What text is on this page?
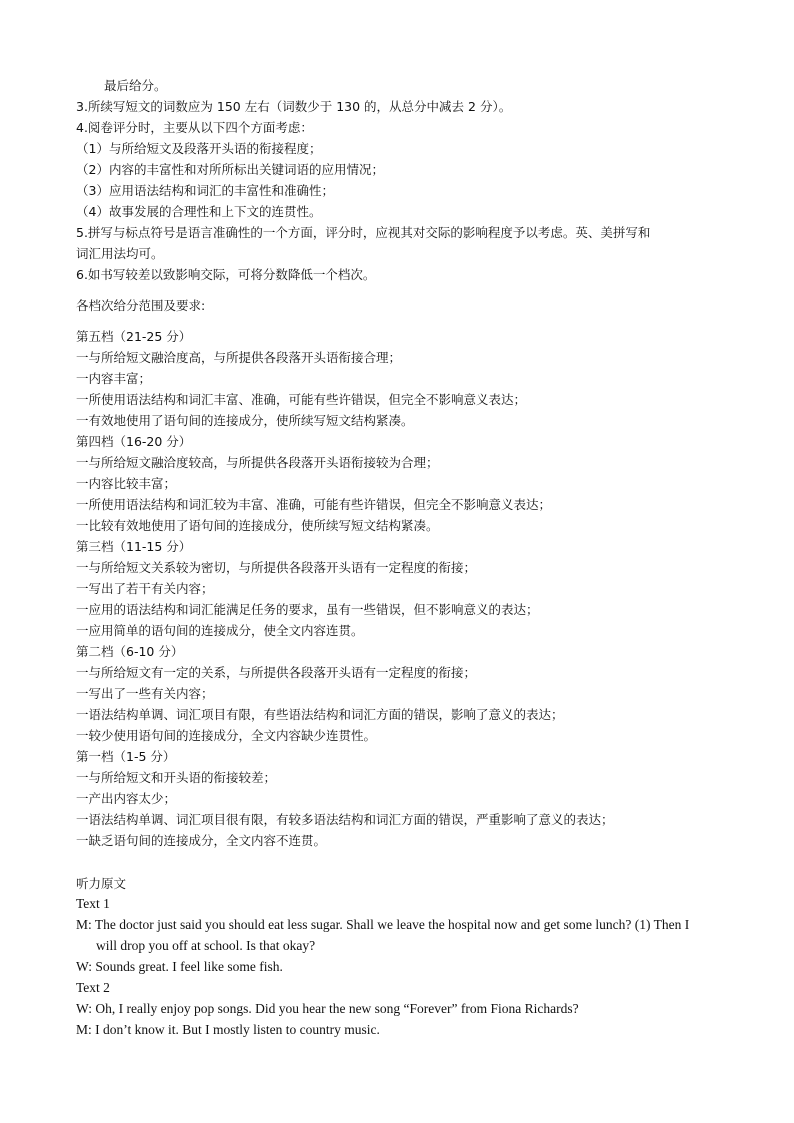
最后给分。
3.所续写短文的词数应为 150 左右（词数少于 130 的，从总分中减去 2 分）。
4.阅卷评分时，主要从以下四个方面考虑：
（1）与所给短文及段落开头语的衔接程度；
（2）内容的丰富性和对所所标出关键词语的应用情况；
（3）应用语法结构和词汇的丰富性和准确性；
（4）故事发展的合理性和上下文的连贯性。
5.拼写与标点符号是语言准确性的一个方面，评分时，应视其对交际的影响程度予以考虑。英、美拼写和
词汇用法均可。
6.如书写较差以致影响交际，可将分数降低一个档次。
各档次给分范围及要求:
第五档（21-25 分）
一与所给短文融洽度高，与所提供各段落开头语衔接合理；
一内容丰富；
一所使用语法结构和词汇丰富、准确，可能有些许错误，但完全不影响意义表达；
一有效地使用了语句间的连接成分，使所续写短文结构紧凑。
第四档（16-20 分）
一与所给短文融洽度较高，与所提供各段落开头语衔接较为合理；
一内容比较丰富；
一所使用语法结构和词汇较为丰富、准确，可能有些许错误，但完全不影响意义表达；
一比较有效地使用了语句间的连接成分，使所续写短文结构紧凑。
第三档（11-15 分）
一与所给短文关系较为密切，与所提供各段落开头语有一定程度的衔接；
一写出了若干有关内容；
一应用的语法结构和词汇能满足任务的要求，虽有一些错误，但不影响意义的表达；
一应用简单的语句间的连接成分，使全文内容连贯。
第二档（6-10 分）
一与所给短文有一定的关系，与所提供各段落开头语有一定程度的衔接；
一写出了一些有关内容；
一语法结构单调、词汇项目有限，有些语法结构和词汇方面的错误，影响了意义的表达；
一较少使用语句间的连接成分，全文内容缺少连贯性。
第一档（1-5 分）
一与所给短文和开头语的衔接较差；
一产出内容太少；
一语法结构单调、词汇项目很有限，有较多语法结构和词汇方面的错误，严重影响了意义的表达；
一缺乏语句间的连接成分，全文内容不连贯。
听力原文
Text 1
M: The doctor just said you should eat less sugar. Shall we leave the hospital now and get some lunch? (1) Then I
will drop you off at school. Is that okay?
W: Sounds great. I feel like some fish.
Text 2
W: Oh, I really enjoy pop songs. Did you hear the new song “Forever” from Fiona Richards?
M: I don’t know it. But I mostly listen to country music.
